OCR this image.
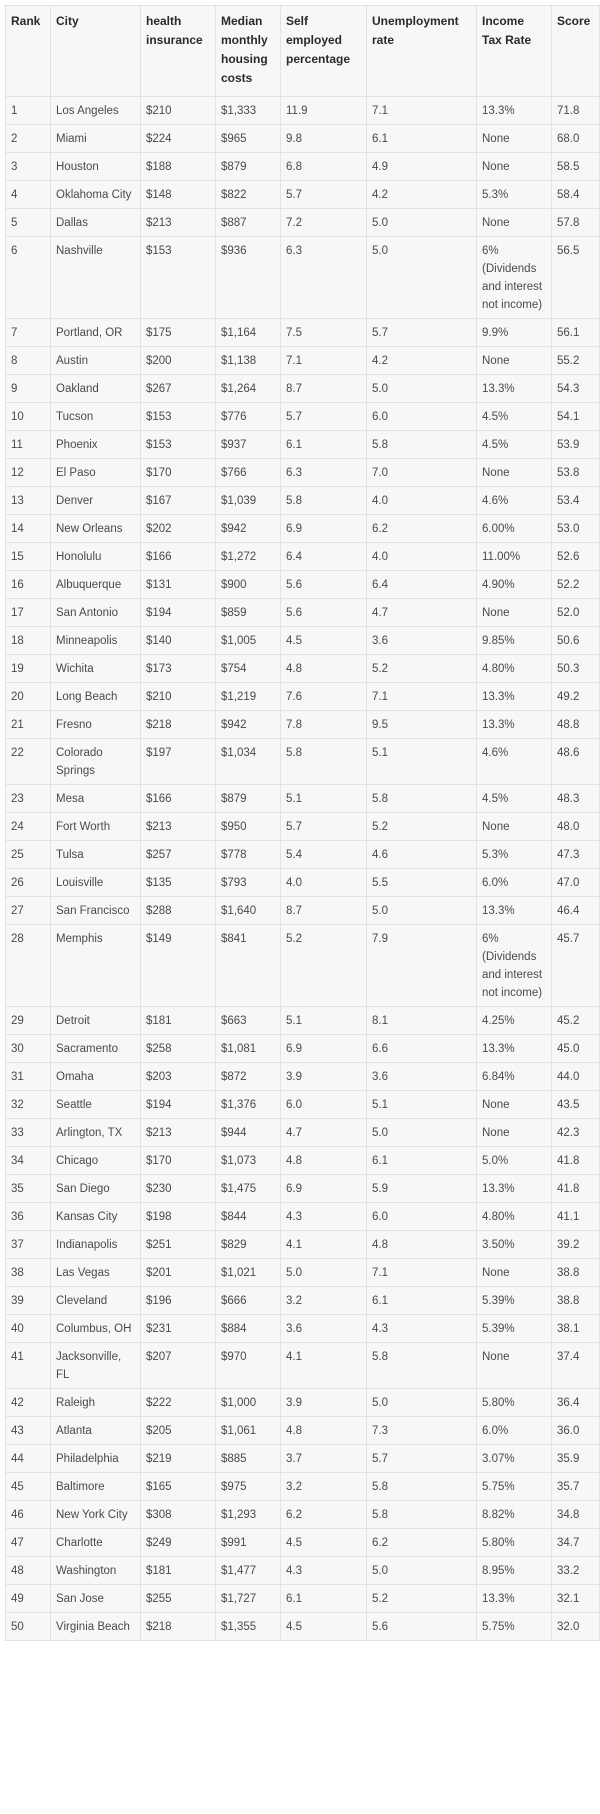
Rank	City	health insurance	Median monthly housing costs	Self employed percentage	Unemployment rate	Income Tax Rate	Score
1	Los Angeles	$210	$1,333	11.9	7.1	13.3%	71.8
2	Miami	$224	$965	9.8	6.1	None	68.0
3	Houston	$188	$879	6.8	4.9	None	58.5
4	Oklahoma City	$148	$822	5.7	4.2	5.3%	58.4
5	Dallas	$213	$887	7.2	5.0	None	57.8
6	Nashville	$153	$936	6.3	5.0	6% (Dividends and interest not income)	56.5
7	Portland, OR	$175	$1,164	7.5	5.7	9.9%	56.1
8	Austin	$200	$1,138	7.1	4.2	None	55.2
9	Oakland	$267	$1,264	8.7	5.0	13.3%	54.3
10	Tucson	$153	$776	5.7	6.0	4.5%	54.1
11	Phoenix	$153	$937	6.1	5.8	4.5%	53.9
12	El Paso	$170	$766	6.3	7.0	None	53.8
13	Denver	$167	$1,039	5.8	4.0	4.6%	53.4
14	New Orleans	$202	$942	6.9	6.2	6.00%	53.0
15	Honolulu	$166	$1,272	6.4	4.0	11.00%	52.6
16	Albuquerque	$131	$900	5.6	6.4	4.90%	52.2
17	San Antonio	$194	$859	5.6	4.7	None	52.0
18	Minneapolis	$140	$1,005	4.5	3.6	9.85%	50.6
19	Wichita	$173	$754	4.8	5.2	4.80%	50.3
20	Long Beach	$210	$1,219	7.6	7.1	13.3%	49.2
21	Fresno	$218	$942	7.8	9.5	13.3%	48.8
22	Colorado Springs	$197	$1,034	5.8	5.1	4.6%	48.6
23	Mesa	$166	$879	5.1	5.8	4.5%	48.3
24	Fort Worth	$213	$950	5.7	5.2	None	48.0
25	Tulsa	$257	$778	5.4	4.6	5.3%	47.3
26	Louisville	$135	$793	4.0	5.5	6.0%	47.0
27	San Francisco	$288	$1,640	8.7	5.0	13.3%	46.4
28	Memphis	$149	$841	5.2	7.9	6% (Dividends and interest not income)	45.7
29	Detroit	$181	$663	5.1	8.1	4.25%	45.2
30	Sacramento	$258	$1,081	6.9	6.6	13.3%	45.0
31	Omaha	$203	$872	3.9	3.6	6.84%	44.0
32	Seattle	$194	$1,376	6.0	5.1	None	43.5
33	Arlington, TX	$213	$944	4.7	5.0	None	42.3
34	Chicago	$170	$1,073	4.8	6.1	5.0%	41.8
35	San Diego	$230	$1,475	6.9	5.9	13.3%	41.8
36	Kansas City	$198	$844	4.3	6.0	4.80%	41.1
37	Indianapolis	$251	$829	4.1	4.8	3.50%	39.2
38	Las Vegas	$201	$1,021	5.0	7.1	None	38.8
39	Cleveland	$196	$666	3.2	6.1	5.39%	38.8
40	Columbus, OH	$231	$884	3.6	4.3	5.39%	38.1
41	Jacksonville, FL	$207	$970	4.1	5.8	None	37.4
42	Raleigh	$222	$1,000	3.9	5.0	5.80%	36.4
43	Atlanta	$205	$1,061	4.8	7.3	6.0%	36.0
44	Philadelphia	$219	$885	3.7	5.7	3.07%	35.9
45	Baltimore	$165	$975	3.2	5.8	5.75%	35.7
46	New York City	$308	$1,293	6.2	5.8	8.82%	34.8
47	Charlotte	$249	$991	4.5	6.2	5.80%	34.7
48	Washington	$181	$1,477	4.3	5.0	8.95%	33.2
49	San Jose	$255	$1,727	6.1	5.2	13.3%	32.1
50	Virginia Beach	$218	$1,355	4.5	5.6	5.75%	32.0
